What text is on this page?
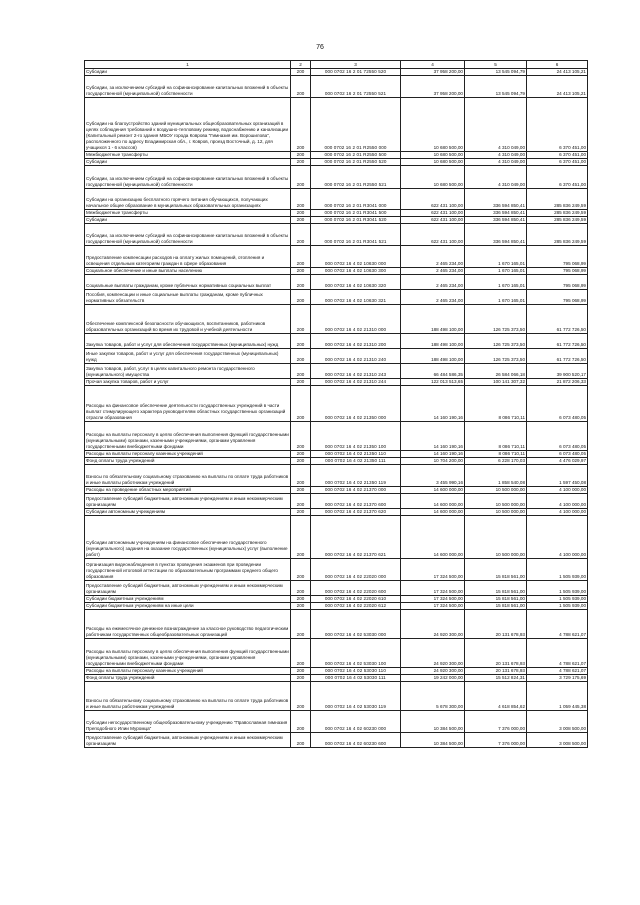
76
1	2	3	4	5	6
Субсидии	200	000 0702 16 2 01 72550 520	37 958 200,00	13 545 094,79	24 413 105,21
Субсидии, за исключением субсидий на софинансирование капитальных вложений в объекты государственной (муниципальной) собственности	200	000 0702 16 2 01 72550 521	37 958 200,00	13 545 094,79	24 413 105,21
Субсидии на благоустройство зданий муниципальных общеобразовательных организаций в целях соблюдения требований к воздушно-тепловому режиму, водоснабжению и канализации (Капитальный ремонт 2-го здания МБОУ города Коврова "Гимназия им. Ворошилова", расположенного по адресу Владимирская обл., г. Ковров, проезд Восточный, д. 12, для учащихся 1 - 6 классов)	200	000 0702 16 2 01 R2550 000	10 680 500,00	4 310 049,00	6 370 451,00
Межбюджетные трансферты	200	000 0702 16 2 01 R2550 500	10 680 500,00	4 310 049,00	6 370 451,00
Субсидии	200	000 0702 16 2 01 R2550 520	10 680 500,00	4 310 049,00	6 370 451,00
Субсидии, за исключением субсидий на софинансирование капитальных вложений в объекты государственной (муниципальной) собственности	200	000 0702 16 2 01 R2550 521	10 680 500,00	4 310 049,00	6 370 451,00
Субсидии на организацию бесплатного горячего питания обучающихся, получающих начальное общее образование в муниципальных образовательных организациях	200	000 0702 16 2 01 R3041 000	622 431 100,00	336 594 850,41	285 836 249,59
Межбюджетные трансферты	200	000 0702 16 2 01 R3041 500	622 431 100,00	336 594 850,41	285 836 249,59
Субсидии	200	000 0702 16 2 01 R3041 520	622 431 100,00	336 594 850,41	285 836 249,59
Субсидии, за исключением субсидий на софинансирование капитальных вложений в объекты государственной (муниципальной) собственности	200	000 0702 16 2 01 R3041 521	622 431 100,00	336 594 850,41	285 836 249,59
Предоставление компенсации расходов на оплату жилых помещений, отопления и освещения отдельным категориям граждан в сфере образования	200	000 0702 16 4 02 10630 000	2 465 234,00	1 670 165,01	795 068,99
Социальное обеспечение и иные выплаты населению	200	000 0702 16 4 02 10630 300	2 465 234,00	1 670 165,01	795 068,99
Социальные выплаты гражданам, кроме публичных нормативных социальных выплат	200	000 0702 16 4 02 10630 320	2 465 234,00	1 670 165,01	795 068,99
Пособия, компенсации и иные социальные выплаты гражданам, кроме публичных нормативных обязательств	200	000 0702 16 4 02 10630 321	2 465 234,00	1 670 165,01	795 068,99
Обеспечение комплексной безопасности обучающихся, воспитанников, работников образовательных организаций во время их трудовой и учебной деятельности	200	000 0702 16 4 02 21310 000	188 498 100,00	126 725 373,50	61 772 726,50
Закупка товаров, работ и услуг для обеспечения государственных (муниципальных) нужд	200	000 0702 16 4 02 21310 200	188 498 100,00	126 725 373,50	61 772 726,50
Иные закупки товаров, работ и услуг для обеспечения государственных (муниципальных) нужд	200	000 0702 16 4 02 21310 240	188 498 100,00	126 725 373,50	61 772 726,50
Закупка товаров, работ, услуг в целях капитального ремонта государственного (муниципального) имущества	200	000 0702 16 4 02 21310 243	66 484 586,35	26 584 066,18	39 900 520,17
Прочая закупка товаров, работ и услуг	200	000 0702 16 4 02 21310 244	122 013 513,65	100 141 307,32	21 872 206,33
Расходы на финансовое обеспечение деятельности государственных учреждений в части выплат стимулирующего характера руководителям областных государственных организаций отрасли образования	200	000 0702 16 4 02 21350 000	14 160 190,16	8 086 710,11	6 073 480,05
Расходы на выплаты персоналу в целях обеспечения выполнения функций государственными (муниципальными) органами, казенными учреждениями, органами управления государственными внебюджетными фондами	200	000 0702 16 4 02 21350 100	14 160 190,16	8 086 710,11	6 073 480,05
Расходы на выплаты персоналу казенных учреждений	200	000 0702 16 4 02 21350 110	14 160 190,16	8 086 710,11	6 073 480,05
Фонд оплаты труда учреждений	200	000 0702 16 4 02 21350 111	10 704 200,00	6 228 170,03	4 476 029,97
Взносы по обязательному социальному страхованию на выплаты по оплате труда работников и иные выплаты работникам учреждений	200	000 0702 16 4 02 21350 119	3 455 990,16	1 858 540,08	1 597 450,08
Расходы на проведение областных мероприятий	200	000 0702 16 4 02 21370 000	14 600 000,00	10 500 000,00	4 100 000,00
Предоставление субсидий бюджетным, автономным учреждениям и иным некоммерческим организациям	200	000 0702 16 4 02 21370 600	14 600 000,00	10 500 000,00	4 100 000,00
Субсидии автономным учреждениям	200	000 0702 16 4 02 21370 620	14 600 000,00	10 500 000,00	4 100 000,00
Субсидии автономным учреждениям на финансовое обеспечение государственного (муниципального) задания на оказание государственных (муниципальных) услуг (выполнение работ)	200	000 0702 16 4 02 21370 621	14 600 000,00	10 500 000,00	4 100 000,00
Организация видеонаблюдения в пунктах проведения экзаменов при проведении государственной итоговой аттестации по образовательным программам среднего общего образования	200	000 0702 16 4 02 22020 000	17 324 500,00	15 818 561,00	1 505 939,00
Предоставление субсидий бюджетным, автономным учреждениям и иным некоммерческим организациям	200	000 0702 16 4 02 22020 600	17 324 500,00	15 818 561,00	1 505 939,00
Субсидии бюджетным учреждениям	200	000 0702 16 4 02 22020 610	17 324 500,00	15 818 561,00	1 505 939,00
Субсидии бюджетным учреждениям на иные цели	200	000 0702 16 4 02 22020 612	17 324 500,00	15 818 561,00	1 505 939,00
Расходы на ежемесячное денежное вознаграждение за классное руководство педагогическим работникам государственных общеобразовательных организаций	200	000 0702 16 4 02 53030 000	24 920 300,00	20 131 678,93	4 788 621,07
Расходы на выплаты персоналу в целях обеспечения выполнения функций государственными (муниципальными) органами, казенными учреждениями, органами управления государственными внебюджетными фондами	200	000 0702 16 4 02 53030 100	24 920 300,00	20 131 678,93	4 788 621,07
Расходы на выплаты персоналу казенных учреждений	200	000 0702 16 4 02 53030 110	24 920 300,00	20 131 678,93	4 788 621,07
Фонд оплаты труда учреждений	200	000 0702 16 4 02 53030 111	19 242 000,00	15 512 824,31	3 729 175,69
Взносы по обязательному социальному страхованию на выплаты по оплате труда работников и иные выплаты работникам учреждений	200	000 0702 16 4 02 53030 119	5 678 300,00	4 618 854,62	1 059 445,38
Субсидии негосударственному общеобразовательному учреждению "Православная гимназия Преподобного Илии Муромца"	200	000 0702 16 4 02 60230 000	10 384 500,00	7 376 000,00	3 008 500,00
Предоставление субсидий бюджетным, автономным учреждениям и иным некоммерческим организациям	200	000 0702 16 4 02 60230 600	10 384 500,00	7 376 000,00	3 008 500,00
